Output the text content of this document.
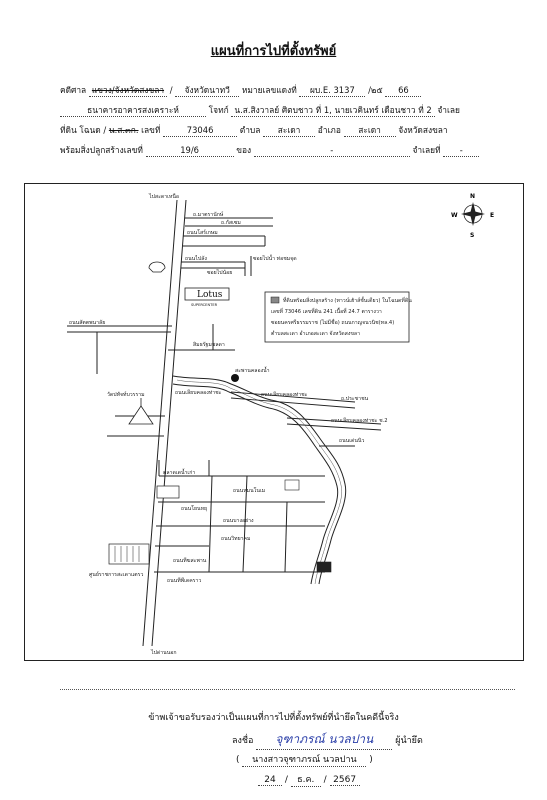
แผนที่การไปที่ตั้งทรัพย์
คดีศาล แขวง/จังหวัดสงขลา / จังหวัดนาทวี หมายเลขแดงที่ ผบ.E. 3137 /๒๕ 66
ธนาคารอาคารสงเคราะห์	โจทก์ น.ส.สิงวาลย์ ศิตบชาว ที่ 1, นายเวคินทร์ เดือนชาว ที่ 2 จำเลย
ที่ดิน โฉนด / น.ส.๓ก. เลขที่	73046	ตำบล สะเดา อำเภอ สะเดา จังหวัดสงขลา
พร้อมสิ่งปลูกสร้างเลขที่	19/6	ของ	-	จำเลยที่ -
ที่ดินพร้อมสิ่งปลูกสร้าง (ทาวน์เฮ้าส์ชั้นเดียว) ในโฉนดที่ดิน
เลขที่ 73046 เลขที่ดิน 241 เนื้อที่ 24.7 ตารางวา
ซอยนครศรีธรรมราช (ไม่มีชื่อ) ถนนกาญจนวนิช(ทล.4)
ตำบลสะเดา อำเภอสะเดา จังหวัดสงขลา
Lotus
SUPERCENTER
N
S
W	E
ไปสะดาเหนือ
ถ.มาตรานักษ์
ถ.กัสเซม
ถนนโสร์เกษม
ถนนไปลัง
ซอยไปน้อย
ซอยไปน้ำ ท่อชมจุด
ถนนสัตตพนาลัย
สิมธรัฐมชลดา
สะพานคลองน้ำ
วัดปทัจท์บวรราม	ถนนเลียบคลองท่าชะ	ถนนเลียบคลองท่าชะ
ถ.ประชาชน
ถนนเลียบคลองท่าชะ ช.2
ถนนเด่นนิว
ตลาดเดน้ำเก่า
ถนนหมนโนเม
ถนนโยนหยุ
ถนนบางอย่าง
ถนนวิทยาคม
ถนนทีฆสะพาน
ศูนย์ราชการสะเดาแตรว
ถนนทีพีเดคราว
ไปด่านนอก
ข้าพเจ้าขอรับรองว่าเป็นแผนที่การไปที่ตั้งทรัพย์ที่นำยึดในคดีนี้จริง
ลงชื่อ จุฑาภรณ์ นวลปาน ผู้นำยึด
( นางสาวจุฑาภรณ์ นวลปาน )
24 / ธ.ค. / 2567
